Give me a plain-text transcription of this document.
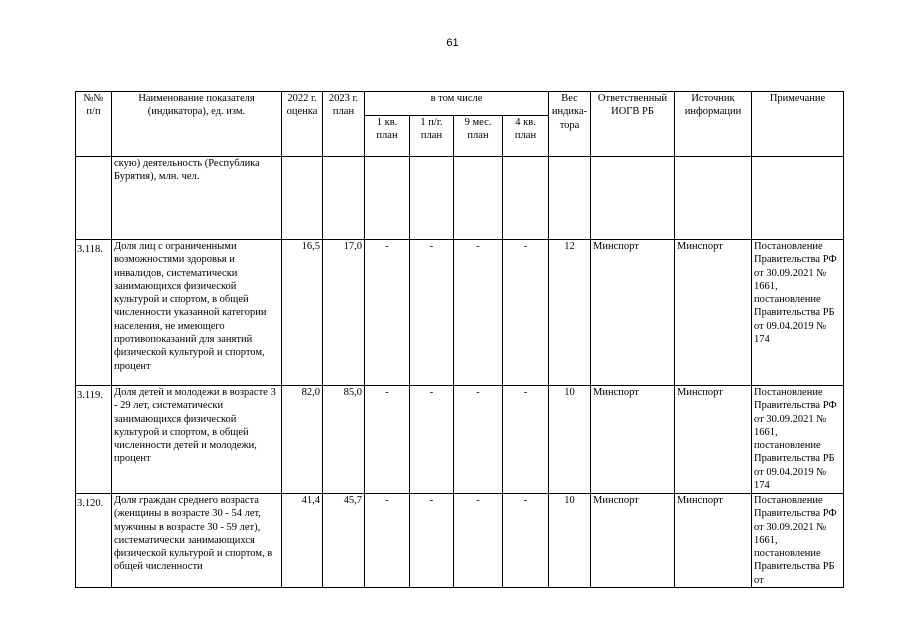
61
№№ п/п	Наименование показателя (индикатора), ед. изм.	2022 г. оценка	2023 г. план	в том числе				Вес индика-тора	Ответственный ИОГВ РБ	Источник информации	Примечание
				1 кв. план	1 п/г. план	9 мес. план	4 кв. план				
	скую) деятельность (Республика Бурятия), млн. чел.										
3.118.	Доля лиц с ограниченными возможностями здоровья и инвалидов, систематически занимающихся физической культурой и спортом, в общей численности указанной категории населения, не имеющего противопоказаний для занятий физической культурой и спортом, процент	16,5	17,0	-	-	-	-	12	Минспорт	Минспорт	Постановление Правительства РФ от 30.09.2021 № 1661, постановление Правительства РБ от 09.04.2019 № 174
3.119.	Доля детей и молодежи в возрасте 3 - 29 лет, систематически занимающихся физической культурой и спортом, в общей численности детей и молодежи, процент	82,0	85,0	-	-	-	-	10	Минспорт	Минспорт	Постановление Правительства РФ от 30.09.2021 № 1661, постановление Правительства РБ от 09.04.2019 № 174
3.120.	Доля граждан среднего возраста (женщины в возрасте 30 - 54 лет, мужчины в возрасте 30 - 59 лет), систематически занимающихся физической культурой и спортом, в общей численности	41,4	45,7	-	-	-	-	10	Минспорт	Минспорт	Постановление Правительства РФ от 30.09.2021 № 1661, постановление Правительства РБ от
